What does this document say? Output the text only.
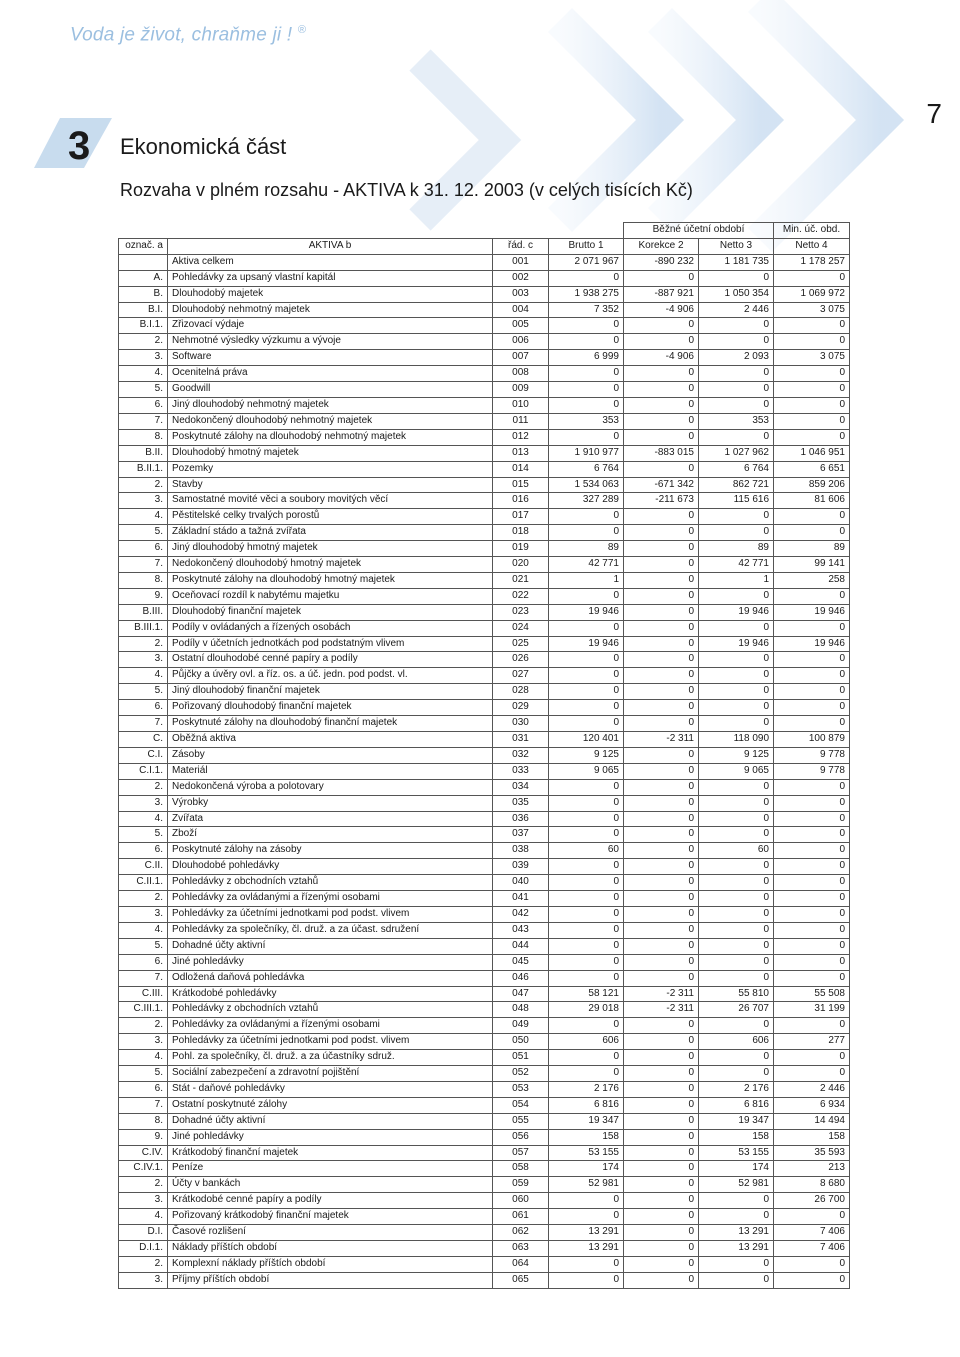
Voda je život, chraňme ji ! ®
7
3 Ekonomická část
Rozvaha v plném rozsahu - AKTIVA k 31. 12. 2003 (v celých tisících Kč)
				Běžné účetní období		Min. úč. obd.
označ. a	AKTIVA b	řád. c	Brutto 1	Korekce 2	Netto 3	Netto 4
	Aktiva celkem	001	2 071 967	-890 232	1 181 735	1 178 257
A.	Pohledávky za upsaný vlastní kapitál	002	0	0	0	0
B.	Dlouhodobý majetek	003	1 938 275	-887 921	1 050 354	1 069 972
B.I.	Dlouhodobý nehmotný majetek	004	7 352	-4 906	2 446	3 075
B.I.1.	Zřizovací výdaje	005	0	0	0	0
2.	Nehmotné výsledky výzkumu a vývoje	006	0	0	0	0
3.	Software	007	6 999	-4 906	2 093	3 075
4.	Ocenitelná práva	008	0	0	0	0
5.	Goodwill	009	0	0	0	0
6.	Jiný dlouhodobý nehmotný majetek	010	0	0	0	0
7.	Nedokončený dlouhodobý nehmotný majetek	011	353	0	353	0
8.	Poskytnuté zálohy na dlouhodobý nehmotný majetek	012	0	0	0	0
B.II.	Dlouhodobý hmotný majetek	013	1 910 977	-883 015	1 027 962	1 046 951
B.II.1.	Pozemky	014	6 764	0	6 764	6 651
2.	Stavby	015	1 534 063	-671 342	862 721	859 206
3.	Samostatné movité věci a soubory movitých věcí	016	327 289	-211 673	115 616	81 606
4.	Pěstitelské celky trvalých porostů	017	0	0	0	0
5.	Základní stádo a tažná zvířata	018	0	0	0	0
6.	Jiný dlouhodobý hmotný majetek	019	89	0	89	89
7.	Nedokončený dlouhodobý hmotný majetek	020	42 771	0	42 771	99 141
8.	Poskytnuté zálohy na dlouhodobý hmotný majetek	021	1	0	1	258
9.	Oceňovací rozdíl k nabytému majetku	022	0	0	0	0
B.III.	Dlouhodobý finanční majetek	023	19 946	0	19 946	19 946
B.III.1.	Podíly v ovládaných a řízených osobách	024	0	0	0	0
2.	Podíly v účetních jednotkách pod podstatným vlivem	025	19 946	0	19 946	19 946
3.	Ostatní dlouhodobé cenné papíry a podíly	026	0	0	0	0
4.	Půjčky a úvěry ovl. a říz. os. a úč. jedn. pod podst. vl.	027	0	0	0	0
5.	Jiný dlouhodobý finanční majetek	028	0	0	0	0
6.	Pořizovaný dlouhodobý finanční majetek	029	0	0	0	0
7.	Poskytnuté zálohy na dlouhodobý finanční majetek	030	0	0	0	0
C.	Oběžná aktiva	031	120 401	-2 311	118 090	100 879
C.I.	Zásoby	032	9 125	0	9 125	9 778
C.I.1.	Materiál	033	9 065	0	9 065	9 778
2.	Nedokončená výroba a polotovary	034	0	0	0	0
3.	Výrobky	035	0	0	0	0
4.	Zvířata	036	0	0	0	0
5.	Zboží	037	0	0	0	0
6.	Poskytnuté zálohy na zásoby	038	60	0	60	0
C.II.	Dlouhodobé pohledávky	039	0	0	0	0
C.II.1.	Pohledávky z obchodních vztahů	040	0	0	0	0
2.	Pohledávky za ovládanými a řízenými osobami	041	0	0	0	0
3.	Pohledávky za účetními jednotkami pod podst. vlivem	042	0	0	0	0
4.	Pohledávky za společníky, čl. druž. a za účast. sdružení	043	0	0	0	0
5.	Dohadné účty aktivní	044	0	0	0	0
6.	Jiné pohledávky	045	0	0	0	0
7.	Odložená daňová pohledávka	046	0	0	0	0
C.III.	Krátkodobé pohledávky	047	58 121	-2 311	55 810	55 508
C.III.1.	Pohledávky z obchodních vztahů	048	29 018	-2 311	26 707	31 199
2.	Pohledávky za ovládanými a řízenými osobami	049	0	0	0	0
3.	Pohledávky za účetními jednotkami pod podst. vlivem	050	606	0	606	277
4.	Pohl. za společníky, čl. druž. a za účastníky sdruž.	051	0	0	0	0
5.	Sociální zabezpečení a zdravotní pojištění	052	0	0	0	0
6.	Stát - daňové pohledávky	053	2 176	0	2 176	2 446
7.	Ostatní poskytnuté zálohy	054	6 816	0	6 816	6 934
8.	Dohadné účty aktivní	055	19 347	0	19 347	14 494
9.	Jiné pohledávky	056	158	0	158	158
C.IV.	Krátkodobý finanční majetek	057	53 155	0	53 155	35 593
C.IV.1.	Peníze	058	174	0	174	213
2.	Účty v bankách	059	52 981	0	52 981	8 680
3.	Krátkodobé cenné papíry a podíly	060	0	0	0	26 700
4.	Pořizovaný krátkodobý finanční majetek	061	0	0	0	0
D.I.	Časové rozlišení	062	13 291	0	13 291	7 406
D.I.1.	Náklady příštích období	063	13 291	0	13 291	7 406
2.	Komplexní náklady příštích období	064	0	0	0	0
3.	Příjmy příštích období	065	0	0	0	0
